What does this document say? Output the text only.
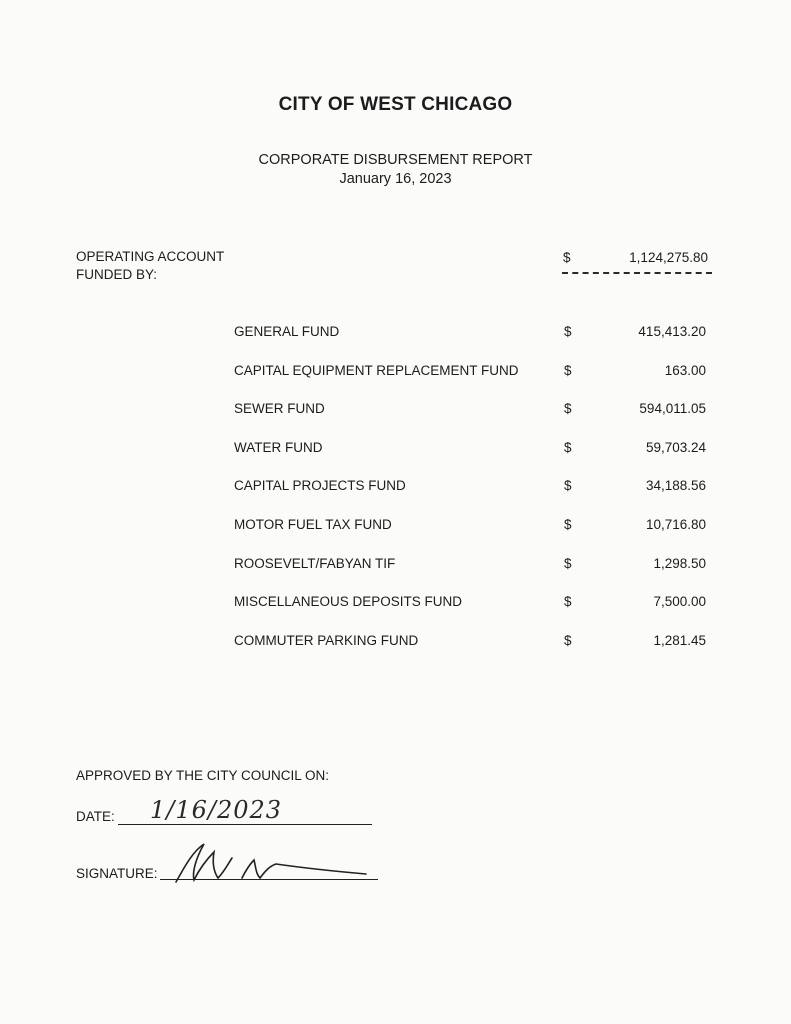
CITY OF WEST CHICAGO
CORPORATE DISBURSEMENT REPORT
January 16, 2023
OPERATING ACCOUNT
FUNDED BY:
$	1,124,275.80
GENERAL FUND	$	415,413.20
CAPITAL EQUIPMENT REPLACEMENT FUND	$	163.00
SEWER FUND	$	594,011.05
WATER FUND	$	59,703.24
CAPITAL PROJECTS FUND	$	34,188.56
MOTOR FUEL TAX FUND	$	10,716.80
ROOSEVELT/FABYAN TIF	$	1,298.50
MISCELLANEOUS DEPOSITS FUND	$	7,500.00
COMMUTER PARKING FUND	$	1,281.45
APPROVED BY THE CITY COUNCIL ON:
DATE: 1/16/2023
SIGNATURE:
